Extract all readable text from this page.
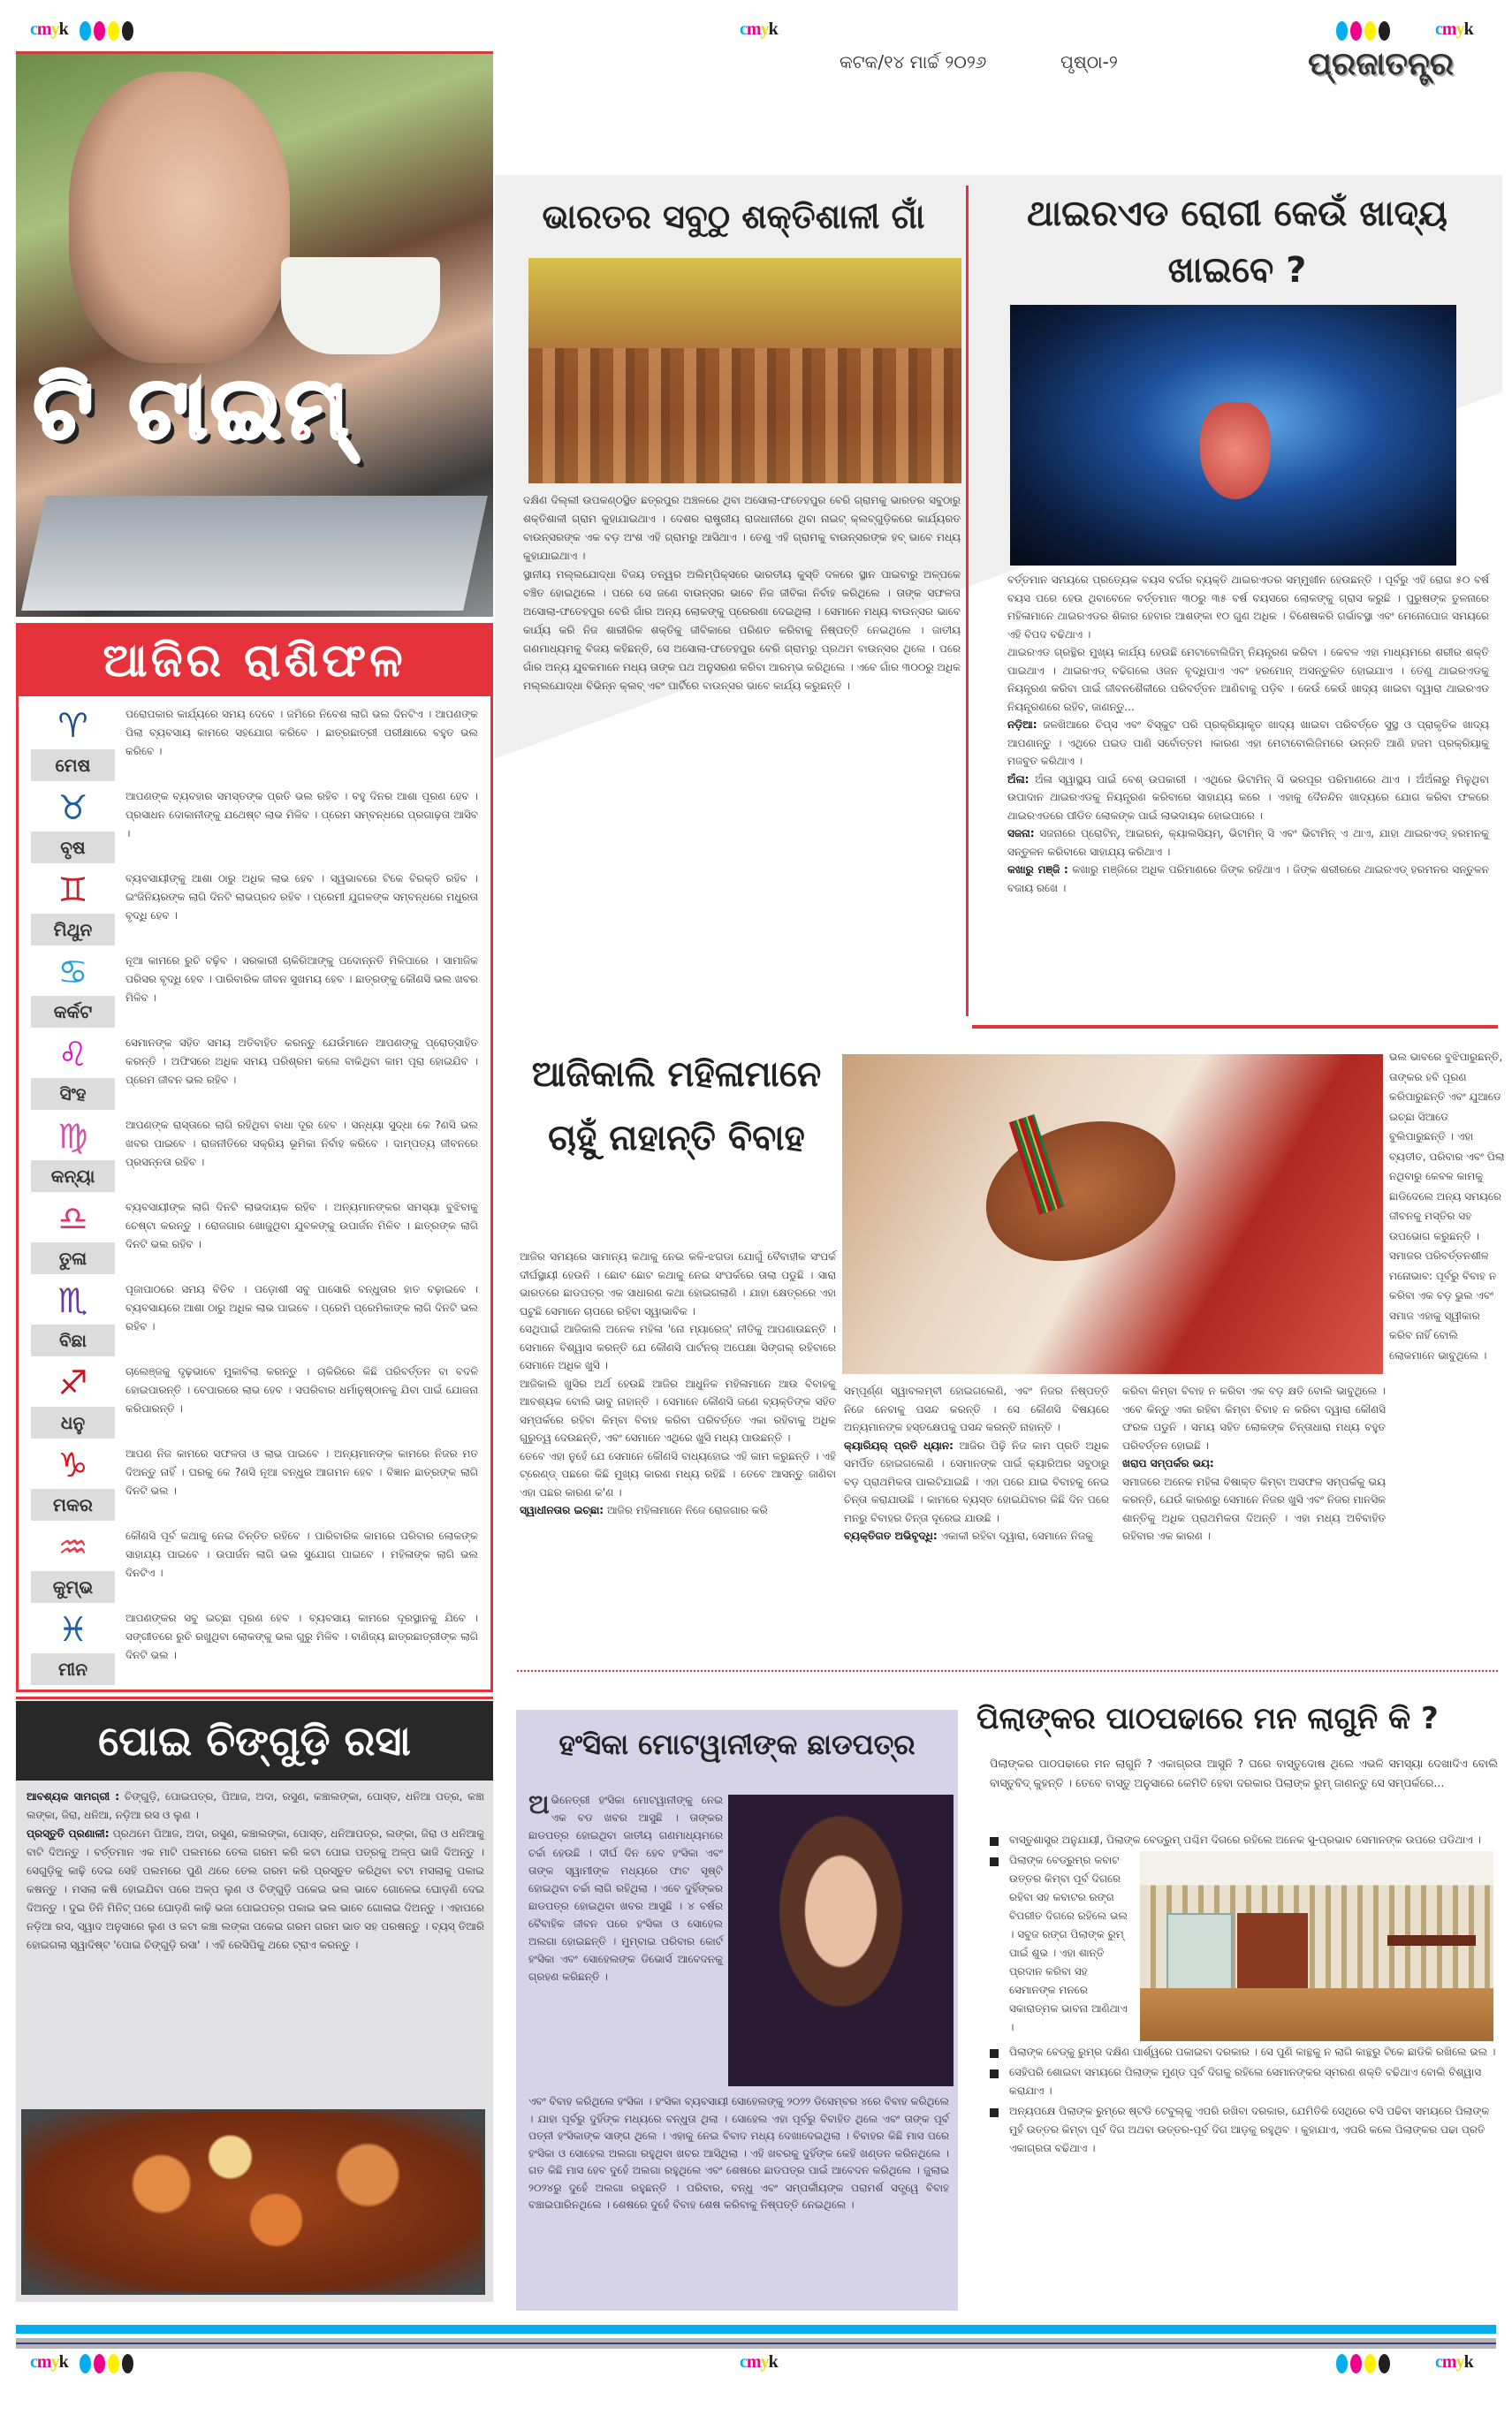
cmyk	cmyk	cmyk
କଟକ/୧୪ ମାର୍ଚ୍ଚ ୨୦୨୬	ପୃଷ୍ଠା-୨	ପ୍ରଜାତନ୍ତ୍ର
ଟି ଟାଇମ୍
ଆଜିର ରାଶିଫଳ
♈
ମେଷ
ପରୋପକାର କାର୍ଯ୍ୟରେ ସମୟ ଦେବେ । ଜମିରେ ନିବେଶ ଲାଗି ଭଲ ଦିନଟିଏ । ଆପଣଙ୍କ ପିଲା ବ୍ୟବସାୟ କାମରେ ସହଯୋଗ କରିବେ । ଛାତ୍ରଛାତ୍ରୀ ପରୀକ୍ଷାରେ ବହୁତ ଭଲ କରିବେ ।
♉
ବୃଷ
ଆପଣଙ୍କ ବ୍ୟବହାର ସମସ୍ତଙ୍କ ପ୍ରତି ଭଲ ରହିବ । ବହୁ ଦିନର ଆଶା ପୂରଣ ହେବ । ପ୍ରସାଧନ ଦୋକାନୀଙ୍କୁ ଯଥେଷ୍ଟ ଲାଭ ମିଳିବ । ପ୍ରେମ ସମ୍ବନ୍ଧରେ ପ୍ରଗାଢ଼ତା ଆସିବ ।
♊
ମିଥୁନ
ବ୍ୟବସାୟୀଙ୍କୁ ଆଶା ଠାରୁ ଅଧିକ ଲାଭ ହେବ । ସ୍ୱଭାବରେ ଟିକେ ବିରକ୍ତି ରହିବ । ଇଂଜିନିୟରଙ୍କ ଲାଗି ଦିନଟି ଲାଭପ୍ରଦ ରହିବ । ପ୍ରେମୀ ଯୁଗଳଙ୍କ ସମ୍ବନ୍ଧରେ ମଧୁରତା ବୃଦ୍ଧି ହେବ ।
♋
କର୍କଟ
ନୂଆ କାମରେ ରୁଚି ବଢ଼ିବ । ସରକାରୀ ଚାକିରିଆଙ୍କୁ ପଦୋନ୍ନତି ମିଳିପାରେ । ସାମାଜିକ ପରିସର ବୃଦ୍ଧି ହେବ । ପାରିବାରିକ ଜୀବନ ସୁଖମୟ ହେବ । ଛାତ୍ରଙ୍କୁ କୌଣସି ଭଲ ଖବର ମିଳିବ ।
♌
ସିଂହ
ସେମାନଙ୍କ ସହିତ ସମୟ ଅତିବାହିତ କରନ୍ତୁ ଯେଉଁମାନେ ଆପଣଙ୍କୁ ପ୍ରୋତ୍ସାହିତ କରନ୍ତି । ଅଫିସରେ ଅଧିକ ସମୟ ପରିଶ୍ରମ କଲେ ବାକିଥିବା କାମ ପୂରା ହୋଇଯିବ । ପ୍ରେମ ଜୀବନ ଭଲ ରହିବ ।
♍
କନ୍ୟା
ଆପଣଙ୍କ ରାସ୍ତାରେ ଲାଗି ରହିଥିବା ବାଧା ଦୂର ହେବ । ସନ୍ଧ୍ୟା ସୁଦ୍ଧା କେ ?ଣସି ଭଲ ଖବର ପାଇବେ । ରାଜନୀତିରେ ସକ୍ରିୟ ଭୂମିକା ନିର୍ବାହ କରିବେ । ଦାମ୍ପତ୍ୟ ଜୀବନରେ ପ୍ରସନ୍ନତା ରହିବ ।
♎
ତୁଳା
ବ୍ୟବସାୟୀଙ୍କ ଲାଗି ଦିନଟି ଲାଭଦାୟକ ରହିବ । ଅନ୍ୟମାନଙ୍କର ସମସ୍ୟା ବୁଝିବାକୁ ଚେଷ୍ଟା କରନ୍ତୁ । ରୋଜଗାର ଖୋଜୁଥିବା ଯୁବକଙ୍କୁ ଉପାର୍ଜନ ମିଳିବ । ଛାତ୍ରଙ୍କ ଲାଗି ଦିନଟି ଭଲ ରହିବ ।
♏
ବିଛା
ପୂଜାପାଠରେ ସମୟ ବିତିବ । ପଡ଼ୋଶୀ ସବୁ ପାସୋରି ବନ୍ଧୁତାର ହାତ ବଢ଼ାଇବେ । ବ୍ୟବସାୟରେ ଆଶା ଠାରୁ ଅଧିକ ଲାଭ ପାଇବେ । ପ୍ରେମି ପ୍ରେମିକାଙ୍କ ଲାଗି ଦିନଟି ଭଲ ରହିବ ।
♐
ଧନୁ
ଚାଲେଞ୍ଜକୁ ଦୃଢ଼ଭାବେ ମୁକାବିଲା କରନ୍ତୁ । ଚାକିରିରେ କିଛି ପରିବର୍ତ୍ତନ ବା ବଦଳି ହୋଇପାରନ୍ତି । ବେପାରରେ ଲାଭ ହେବ । ସପରିବାର ଧର୍ମାନୁଷ୍ଠାନକୁ ଯିବା ପାଇଁ ଯୋଜନା କରିପାରନ୍ତି ।
♑
ମକର
ଆପଣ ନିଜ କାମରେ ସଫଳତା ଓ ଲାଭ ପାଇବେ । ଅନ୍ୟମାନଙ୍କ କାମରେ ନିଜର ମତ ଦିଅନ୍ତୁ ନାହିଁ । ଘରକୁ କେ ?ଣସି ନୂଆ ବନ୍ଧୁର ଆଗମନ ହେବ । ବିଜ୍ଞାନ ଛାତ୍ରଙ୍କ ଲାଗି ଦିନଟି ଭଲ ।
♒
କୁମ୍ଭ
କୌଣସି ପୂର୍ବ କଥାକୁ ନେଇ ଚିନ୍ତିତ ରହିବେ । ପାରିବାରିକ କାମରେ ପରିବାର ଲୋକଙ୍କ ସାହାଯ୍ୟ ପାଇବେ । ଉପାର୍ଜନ ଲାଗି ଭଲ ସୁଯୋଗ ପାଇବେ । ମହିଳାଙ୍କ ଲାଗି ଭଲ ଦିନଟିଏ ।
♓
ମୀନ
ଆପଣଙ୍କର ସବୁ ଇଚ୍ଛା ପୂରଣ ହେବ । ବ୍ୟବସାୟ କାମରେ ଦୂରସ୍ଥାନକୁ ଯିବେ । ସଙ୍ଗୀତରେ ରୁଚି ରଖୁଥିବା ଲୋକଙ୍କୁ ଭଲ ଗୁରୁ ମିଳିବ । ବାଣିଜ୍ୟ ଛାତ୍ରଛାତ୍ରୀଙ୍କ ଲାଗି ଦିନଟି ଭଲ ।
ଭାରତର ସବୁଠୁ ଶକ୍ତିଶାଳୀ ଗାଁ

ଦକ୍ଷିଣ ଦିଲ୍ଲୀ ଉପକଣ୍ଠସ୍ଥିତ ଛତ୍ରପୁର ଅଞ୍ଚଳରେ ଥିବା ଅସୋଲା-ଫତେହପୁର ବେରି ଗ୍ରାମକୁ ଭାରତର ସବୁଠାରୁ ଶକ୍ତିଶାଳୀ ଗ୍ରାମ କୁହାଯାଇଥାଏ । ଦେଶର ରାଷ୍ଟ୍ରୀୟ ରାଜଧାନୀରେ ଥିବା ନାଇଟ୍ କ୍ଲବ୍ଗୁଡ଼ିକରେ କାର୍ଯ୍ୟରତ ବାଉନ୍ସରଙ୍କ ଏକ ବଡ଼ ଅଂଶ ଏହି ଗ୍ରାମରୁ ଆସିଥାଏ । ତେଣୁ ଏହି ଗ୍ରାମକୁ ବାଉନ୍ସରଙ୍କ ହବ୍ ଭାବେ ମଧ୍ୟ କୁହାଯାଇଥାଏ ।

ସ୍ଥାନୀୟ ମଲ୍ଲଯୋଦ୍ଧା ବିଜୟ ତନ୍ୱର ଅଲିମ୍ପିକ୍ସରେ ଭାରତୀୟ କୁସ୍ତି ଦଳରେ ସ୍ଥାନ ପାଇବାରୁ ଅଳ୍ପକେ ବଞ୍ଚିତ ହୋଇଥିଲେ । ପରେ ସେ ଜଣେ ବାଉନ୍ସର ଭାବେ ନିଜ ଜୀବିକା ନିର୍ବାହ କରିଥିଲେ । ତାଙ୍କ ସଫଳତା ଅସୋଲା-ଫତେହପୁର ବେରି ଗାଁର ଅନ୍ୟ ଲୋକଙ୍କୁ ପ୍ରେରଣା ଦେଇଥିଲା । ସେମାନେ ମଧ୍ୟ ବାଉନ୍ସର ଭାବେ କାର୍ଯ୍ୟ କରି ନିଜ ଶାରୀରିକ ଶକ୍ତିକୁ ଜୀବିକାରେ ପରିଣତ କରିବାକୁ ନିଷ୍ପତ୍ତି ନେଇଥିଲେ । ଜାତୀୟ ଗଣମାଧ୍ୟମକୁ ବିଜୟ କହିଛନ୍ତି, ସେ ଅସୋଲା-ଫତେହପୁର ବେରି ଗ୍ରାମରୁ ପ୍ରଥମ ବାଉନ୍ସର ଥିଲେ । ପରେ ଗାଁର ଅନ୍ୟ ଯୁବକମାନେ ମଧ୍ୟ ତାଙ୍କ ପଥ ଅନୁସରଣ କରିବା ଆରମ୍ଭ କରିଥିଲେ । ଏବେ ଗାଁର ୩୦୦ରୁ ଅଧିକ ମଲ୍ଲଯୋଦ୍ଧା ବିଭିନ୍ନ କ୍ଲବ୍ ଏବଂ ପାର୍ଟିରେ ବାଉନ୍ସର ଭାବେ କାର୍ଯ୍ୟ କରୁଛନ୍ତି ।

ଥାଇରଏଡ ରୋଗୀ କେଉଁ ଖାଦ୍ୟ ଖାଇବେ ?

ବର୍ତ୍ତମାନ ସମୟରେ ପ୍ରତ୍ୟେକ ବୟସ ବର୍ଗର ବ୍ୟକ୍ତି ଥାଇରଏଡର ସମ୍ମୁଖୀନ ହେଉଛନ୍ତି । ପୂର୍ବରୁ ଏହି ରୋଗ ୫୦ ବର୍ଷ ବୟସ ପରେ ହେଉ ଥିବାବେଳେ ବର୍ତ୍ତମାନ ୩୦ରୁ ୩୫ ବର୍ଷ ବୟସରେ ଲୋକଙ୍କୁ ଗ୍ରାସ କରୁଛି । ପୁରୁଷଙ୍କ ତୁଳନାରେ ମହିଳାମାନେ ଥାଇରଏଡର ଶିକାର ହେବାର ଆଶଙ୍କା ୧୦ ଗୁଣ ଅଧିକ । ବିଶେଷକରି ଗର୍ଭାବସ୍ଥା ଏବଂ ମେନୋପୋଜ ସମୟରେ ଏହି ବିପଦ ବଢିଥାଏ ।

ଥାଇରଏଡ ଗ୍ରନ୍ଥିର ମୁଖ୍ୟ କାର୍ଯ୍ୟ ହେଉଛି ମେଟାବୋଲିଜିମ୍ ନିୟନ୍ତ୍ରଣ କରିବା । କେବଳ ଏହା ମାଧ୍ୟମରେ ଶରୀର ଶକ୍ତି ପାଇଥାଏ । ଥାଇରଏଡ୍ ବଢିଗଲେ ଓଜନ ବୃଦ୍ଧିପାଏ ଏବଂ ହରମୋନ୍ ଅସନ୍ତୁଳିତ ହୋଇଯାଏ । ତେଣୁ ଥାଇରଏଡକୁ ନିୟନ୍ତ୍ରଣ କରିବା ପାଇଁ ଜୀବନଶୈଳୀରେ ପରିବର୍ତ୍ତନ ଆଣିବାକୁ ପଡ଼ିବ । କେଉଁ କେଉଁ ଖାଦ୍ୟ ଖାଇବା ଦ୍ୱାରା ଥାଇରଏଡ ନିୟନ୍ତ୍ରଣରେ ରହିବ, ଜାଣନ୍ତୁ...

ନଡ଼ିଆ: ଜଳଖିଆରେ ଚିପ୍ସ ଏବଂ ବିସ୍କୁଟ ପରି ପ୍ରକ୍ରିୟାକୃତ ଖାଦ୍ୟ ଖାଇବା ପରିବର୍ତ୍ତେ ସୁସ୍ଥ ଓ ପ୍ରାକୃତିକ ଖାଦ୍ୟ ଆପଣାନ୍ତୁ । ଏଥିରେ ପଇଡ ପାଣି ସର୍ବୋତ୍ତମ ।କାରଣ ଏହା ମେଟାବୋଲିଜିମରେ ଉନ୍ନତି ଆଣି ହଜମ ପ୍ରକ୍ରିୟାକୁ ମଜବୁତ କରିଥାଏ ।

ଅଁଳା: ଅଁଳା ସ୍ୱାସ୍ଥ୍ୟ ପାଇଁ ବେଶ୍ ଉପକାରୀ । ଏଥିରେ ଭିଟାମିନ୍ ସି ଭରପୂର ପରିମାଣରେ ଥାଏ । ଅଁଅଁଳାରୁ ମିଳୁଥିବା ଉପାଦାନ ଥାଇରଏଡକୁ ନିୟନ୍ତ୍ରଣ କରିବାରେ ସାହାଯ୍ୟ କରେ । ଏହାକୁ ଦୈନନ୍ଦିନ ଖାଦ୍ୟରେ ଯୋଗ କରିବା ଫଳରେ ଥାଇରଏଡରେ ପୀଡିତ ଲୋକଙ୍କ ପାଇଁ ଲାଭଦାୟକ ହୋଇପାରେ ।

ସଜନା: ସଜନାରେ ପ୍ରୋଟିନ୍, ଆଇରନ୍, କ୍ୟାଲସିୟମ୍, ଭିଟାମିନ୍ ସି ଏବଂ ଭିଟାମିନ୍ ଏ ଥାଏ, ଯାହା ଥାଇରଏଡ୍ ହରମନକୁ ସନ୍ତୁଳନ କରିବାରେ ସାହାଯ୍ୟ କରିଥାଏ ।

କଖାରୁ ମଞ୍ଜି : କଖାରୁ ମଞ୍ଜିରେ ଅଧିକ ପରିମାଣରେ ଜିଙ୍କ ରହିଥାଏ । ଜିଙ୍କ ଶରୀରରେ ଥାଇରଏଡ୍ ହରମନର ସନ୍ତୁଳନ ବଜାୟ ରଖେ ।

ଆଜିକାଲି ମହିଳାମାନେ ଚାହୁଁ ନାହାନ୍ତି ବିବାହ
ଭଲ ଭାବରେ ବୁଝିପାରୁଛନ୍ତି, ତାଙ୍କର ହବି ପୂରଣ କରିପାରୁଛନ୍ତି ଏବଂ ଯୁଆଡେ ଇଚ୍ଛା ସିଆଡେ ବୁଲିପାରୁଛନ୍ତି । ଏହା ବ୍ୟତୀତ, ପରିବାର ଏବଂ ପିଲା ନଥିବାରୁ କେବଳ କାମକୁ ଛାଡିଦେଲେ ଅନ୍ୟ ସମୟରେ ଜୀବନକୁ ମସ୍ତିର ସହ ଉପଭୋଗ କରୁଛନ୍ତି । ସମାଜର ପରିବର୍ତ୍ତନଶୀଳ ମନୋଭାବ: ପୂର୍ବରୁ ବିବାହ ନ କରିବା ଏକ ବଡ଼ ଭୁଲ ଏବଂ ସମାଜ ଏହାକୁ ସ୍ୱୀକାର କରିବ ନାହିଁ ବୋଲି ଲୋକମାନେ ଭାବୁଥିଲେ ।

ଆଜିର ସମୟରେ ସାମାନ୍ୟ କଥାକୁ ନେଇ କଳି-ଝଗଡା ଯୋଗୁଁ ବୈବାହୀକ ସଂପର୍କ ଦୀର୍ଘସ୍ଥାୟୀ ହେଉନି । ଛୋଟ ଛୋଟ କଥାକୁ ନେଇ ସଂପର୍କରେ ତାଲା ପଡୁଛି । ସାରା ଭାରତରେ ଛାଡପତ୍ର ଏକ ସାଧାରଣ କଥା ହୋଇଗଲାଣି । ଯାହା କ୍ଷେତ୍ରରେ ଏହା ଘଟୁଛି ସେମାନେ ଚାପରେ ରହିବା ସ୍ୱାଭାବିକ ।

ସେଥିପାଇଁ ଆଜିକାଲି ଅନେକ ମହିଳା 'ନୋ ମ୍ୟାରେଜ୍' ନୀତିକୁ ଆପଣାଉଛନ୍ତି । ସେମାନେ ବିଶ୍ୱାସ କରନ୍ତି ଯେ କୌଣସି ପାର୍ଟନର୍ ଅପେକ୍ଷା ସିଙ୍ଗଲ୍ ରହିବାରେ ସେମାନେ ଅଧିକ ଖୁସି ।

ଆଜିକାଲି ଖୁସିର ଅର୍ଥ ହେଉଛି ଆଜିର ଆଧୁନିକ ମହିଳାମାନେ ଆଉ ବିବାହକୁ ଆବଶ୍ୟକ ବୋଲି ଭାବୁ ନାହାନ୍ତି । ସେମାନେ କୌଣସି ଜଣେ ବ୍ୟକ୍ତିଙ୍କ ସହିତ ସମ୍ପର୍କରେ ରହିବା କିମ୍ବା ବିବାହ କରିବା ପରିବର୍ତ୍ତେ ଏକା ରହିବାକୁ ଅଧିକ ଗୁରୁତ୍ୱ ଦେଉଛନ୍ତି, ଏବଂ ସେମାନେ ଏଥିରେ ଖୁସି ମଧ୍ୟ ପାଉଛନ୍ତି ।

ତେବେ ଏହା ନୁହେଁ ଯେ ସେମାନେ କୌଣସି ବାଧ୍ୟହୋଇ ଏହି କାମ କରୁଛନ୍ତି । ଏହି ଟ୍ରେଣ୍ଡ୍ ପଛରେ କିଛି ମୁଖ୍ୟ କାରଣ ମଧ୍ୟ ରହିଛି । ତେବେ ଆସନ୍ତୁ ଜାଣିବା ଏହା ପଛର କାରଣ କ'ଣ ।

ସ୍ୱାଧୀନତାର ଇଚ୍ଛା: ଆଜିର ମହିଳାମାନେ ନିଜେ ରୋଜଗାର କରି

ସମ୍ପୂର୍ଣ୍ଣ ସ୍ୱାବଲମ୍ବୀ ହୋଇଗଲେଣି, ଏବଂ ନିଜର ନିଷ୍ପତ୍ତି ନିଜେ ନେବାକୁ ପସନ୍ଦ କରନ୍ତି । ସେ କୌଣସି ବିଷୟରେ ଅନ୍ୟମାନଙ୍କ ହସ୍ତକ୍ଷେପକୁ ପସନ୍ଦ କରନ୍ତି ନାହାନ୍ତି ।

କ୍ୟାରିୟର୍ ପ୍ରତି ଧ୍ୟାନ: ଆଜିର ପିଢ଼ି ନିଜ କାମ ପ୍ରତି ଅଧିକ ସମର୍ପିତ ହୋଇଗଲେଣି । ସେମାନଙ୍କ ପାଇଁ କ୍ୟାରିଅର ସବୁଠାରୁ ବଡ଼ ପ୍ରାଥମିକତା ପାଲଟିଯାଇଛି । ଏହା ପରେ ଯାଇ ବିବାହକୁ ନେଇ ଚିନ୍ତା କରାଯାଉଛି । କାମରେ ବ୍ୟସ୍ତ ହୋଇଯିବାର କିଛି ଦିନ ପରେ ମନରୁ ବିବାହର ଚିନ୍ତା ଦୂରେଇ ଯାଉଛି ।

ବ୍ୟକ୍ତିଗତ ଅଭିବୃଦ୍ଧି: ଏକାକୀ ରହିବା ଦ୍ୱାରା, ସେମାନେ ନିଜକୁ

କରିବା କିମ୍ବା ବିବାହ ନ କରିବା ଏକ ବଡ଼ କ୍ଷତି ବୋଲି ଭାବୁଥିଲେ । ଏବେ କିନ୍ତୁ ଏକା ରହିବା କିମ୍ବା ବିବାହ ନ କରିବା ଦ୍ୱାରା କୌଣସି ଫରକ ପଡୁନି । ସମୟ ସହିତ ଲୋକଙ୍କ ଚିନ୍ତାଧାରା ମଧ୍ୟ ବହୁତ ପରିବର୍ତ୍ତନ ହୋଇଛି ।

ଖରାପ ସମ୍ପର୍କର ଭୟ:

ସମାଜରେ ଅନେକ ମହିଳା ବିଷାକ୍ତ କିମ୍ବା ଅସଫଳ ସମ୍ପର୍କକୁ ଭୟ କରନ୍ତି, ଯେଉଁ କାରଣରୁ ସେମାନେ ନିଜର ଖୁସି ଏବଂ ନିଜର ମାନସିକ ଶାନ୍ତିକୁ ଅଧିକ ପ୍ରାଥମିକତା ଦିଅନ୍ତି । ଏହା ମଧ୍ୟ ଅବିବାହିତ ରହିବାର ଏକ କାରଣ ।

ପୋଇ ଚିଙ୍ଗୁଡ଼ି ରସା

ଆବଶ୍ୟକ ସାମଗ୍ରୀ : ଚିଙ୍ଗୁଡ଼ି, ପୋଇପତ୍ର, ପିଆଜ, ଅଦା, ରସୁଣ, କଞ୍ଚାଲଙ୍କା, ପୋସ୍ତ, ଧନିଆ ପତ୍ର, କଞ୍ଚା ଲଙ୍କା, ଜିରା, ଧନିଆ, ନଡ଼ିଆ ରସ ଓ ଲୁଣ ।

ପ୍ରସ୍ତୁତି ପ୍ରଣାଳୀ: ପ୍ରଥମେ ପିଆଜ, ଅଦା, ରସୁଣ, କଞ୍ଚାଲଙ୍କା, ପୋସ୍ତ, ଧନିଆପତ୍ର, ଲଙ୍କା, ଜିରା ଓ ଧନିଆକୁ ବାଟି ଦିଅନ୍ତୁ । ବର୍ତ୍ତମାନ ଏକ ମାଟି ପଲମରେ ତେଲ ଗରମ କରି କଟା ପୋଇ ପତ୍ରକୁ ଅଳ୍ପ ଭାଜି ଦିଅନ୍ତୁ । ସେଗୁଡ଼ିକୁ କାଢ଼ି ଦେଇ ସେହି ପଲମରେ ପୁଣି ଥରେ ତେଲ ଗରମ କରି ପ୍ରସ୍ତୁତ କରିଥିବା ବଟା ମସଲାକୁ ପକାଇ କଷନ୍ତୁ । ମସଲା କଷି ହୋଇଯିବା ପରେ ଅଳ୍ପ ଲୁଣ ଓ ଚିଙ୍ଗୁଡ଼ି ପକେଇ ଭଲ ଭାବେ ଗୋଳେଇ ଘୋଡ଼ଣି ଦେଇ ଦିଅନ୍ତୁ । ଦୁଇ ତିନି ମିନିଟ୍ ପରେ ଘୋଡ଼ଣି କାଢ଼ି ଭଜା ପୋଇପତ୍ର ପକାଇ ଭଲ ଭାବେ ଗୋଳାଇ ଦିଅନ୍ତୁ । ଏହାପରେ ନଡ଼ିଆ ରସ, ସ୍ୱାଦ ଅନୁସାରେ ଲୁଣ ଓ କଟା କଞ୍ଚା ଲଙ୍କା ପକେଇ ଗରମ ଗରମ ଭାତ ସହ ପରଷନ୍ତୁ । ବ୍ୟସ୍ ତିଆରି ହୋଇଗଲା ସ୍ୱାଦିଷ୍ଟ 'ପୋଇ ଚିଙ୍ଗୁଡ଼ି ରସା' । ଏହି ରେସିପିକୁ ଥରେ ଟ୍ରାଏ କରନ୍ତୁ ।

ହଂସିକା ମୋଟୱାନୀଙ୍କ ଛାଡପତ୍ର
ଅଭିନେତ୍ରୀ ହଂସିକା ମୋଟୱାନୀଙ୍କୁ ନେଇ ଏକ ବଡ ଖବର ଆସୁଛି । ତାଙ୍କର ଛାଡପତ୍ର ହୋଇଥିବା ଜାତୀୟ ଗଣମାଧ୍ୟମରେ ଚର୍ଚ୍ଚା ହେଉଛି । ଦୀର୍ଘ ଦିନ ହେବ ହଂସିକା ଏବଂ ତାଙ୍କ ସ୍ୱାମୀଙ୍କ ମଧ୍ୟରେ ଫାଟ ସୃଷ୍ଟି ହୋଇଥିବା ଚର୍ଚ୍ଚା ଲାଗି ରହିଥିଲା । ଏବେ ଦୁହିଁଙ୍କର ଛାଡପତ୍ର ହୋଇଥିବା ଖବର ଆସୁଛି । ୪ ବର୍ଷର ବୈବାହିକ ଜୀବନ ପରେ ହଂସିକା ଓ ସୋହେଲ ଅଲଗା ହୋଇଛନ୍ତି । ମୁମ୍ବାଇ ପରିବାର କୋର୍ଟ ହଂସିକା ଏବଂ ସୋହେଲଙ୍କ ଡିଭୋର୍ସ ଆବେଦନକୁ ଗ୍ରହଣ କରିଛନ୍ତି ।
ଏବଂ ବିବାହ କରିଥିଲେ ହଂସିକା । ହଂସିକା ବ୍ୟବସାୟୀ ସୋହେଲଙ୍କୁ ୨୦୨୨ ଡିସେମ୍ବର ୪ରେ ବିବାହ କରିଥିଲେ । ଯାହା ପୂର୍ବରୁ ଦୁହିଁଙ୍କ ମଧ୍ୟରେ ବନ୍ଧୁତା ଥିଲା । ସୋହେଲ ଏହା ପୂର୍ବରୁ ବିବାହିତ ଥିଲେ ଏବଂ ତାଙ୍କ ପୂର୍ବ ପତ୍ନୀ ହଂସିକାଙ୍କ ସାଙ୍ଗ ଥିଲେ । ଏହାକୁ ନେଇ ବିବାଦ ମଧ୍ୟ ଦେଖାଦେଇଥିଲା । ବିବାହର କିଛି ମାସ ପରେ ହଂସିକା ଓ ସୋହେଲ ଅଲଗା ରହୁଥିବା ଖବର ଆସିଥିଲା । ଏହି ଖବରକୁ ଦୁହିଁଙ୍କ କେହି ଖଣ୍ଡନ କରିନଥିଲେ । ଗତ କିଛି ମାସ ହେବ ଦୁହେଁ ଅଲଗା ରହୁଥିଲେ ଏବଂ ଶେଷରେ ଛାଡପତ୍ର ପାଇଁ ଆବେଦନ କରିଥିଲେ । ଜୁଲାଇ ୨୦୨୪ରୁ ଦୁହେଁ ଅଲଗା ରହୁଛନ୍ତି । ପରିବାର, ବନ୍ଧୁ ଏବଂ ସମ୍ପର୍କୀୟଙ୍କ ପରାମର୍ଶ ସତ୍ତ୍ୱେ ବିବାହ ବଞ୍ଚାଇପାରିନଥିଲେ । ଶେଷରେ ଦୁହେଁ ବିବାହ ଶେଷ କରିବାକୁ ନିଷ୍ପତ୍ତି ନେଇଥିଲେ ।
ପିଲାଙ୍କର ପାଠପଢାରେ ମନ ଲାଗୁନି କି ?
ପିଲାଙ୍କର ପାଠପଢାରେ ମନ ଲାଗୁନି ? ଏକାଗ୍ରତା ଆସୁନି ? ଘରେ ବାସ୍ତୁଦୋଷ ଥିଲେ ଏଭଳି ସମସ୍ୟା ଦେଖାଦିଏ ବୋଲି ବାସ୍ତୁବିଦ୍ କୁହନ୍ତି । ତେବେ ବାସ୍ତୁ ଅନୁସାରେ କେମିତି ହେବା ଦରକାର ପିଲାଙ୍କ ରୁମ୍ ଜାଣନ୍ତୁ ସେ ସମ୍ପର୍କରେ...
ବାସ୍ତୁଶାସ୍ତ୍ର ଅନୁଯାୟୀ, ପିଲାଙ୍କ ବେଡ୍ରୁମ୍ ପଶ୍ଚିମ ଦିଗରେ ରହିଲେ ଅନେକ ସୁ-ପ୍ରଭାବ ସେମାନଙ୍କ ଉପରେ ପଡିଥାଏ ।
ପିଲାଙ୍କ ବେଡ୍ରୁମ୍ର କବାଟ ଉତ୍ତର କିମ୍ବା ପୂର୍ବ ଦିଗରେ ରହିବା ସହ କବାଟର ରଙ୍ଗ ବିପରୀତ ଦିଗରେ ରହିଲେ ଭଲ । ସବୁଜ ରଙ୍ଗ ପିଲାଙ୍କ ରୁମ୍ ପାଇଁ ଶୁଭ । ଏହା ଶାନ୍ତି ପ୍ରଦାନ କରିବା ସହ ସେମାନଙ୍କ ମନରେ ସକାରାତ୍ମକ ଭାବନା ଆଣିଥାଏ ।
ପିଲାଙ୍କ ବେଡ୍କୁ ରୁମ୍ର ଦକ୍ଷିଣ ପାର୍ଶ୍ୱରେ ପକାଇବା ଦରକାର । ସେ ପୁଣି କାନ୍ଥକୁ ନ ଲାଗି କାନ୍ଥରୁ ଟିକେ ଛାଡିକି ରଖିଲେ ଭଲ ।
ସେହିପରି ଶୋଇବା ସମୟରେ ପିଲାଙ୍କ ମୁଣ୍ଡ ପୂର୍ବ ଦିଗକୁ ରହିଲେ ସେମାନଙ୍କର ସ୍ମରଣ ଶକ୍ତି ବଢିଥାଏ ବୋଲି ବିଶ୍ୱାସ କରାଯାଏ ।
ଅନ୍ୟପକ୍ଷେ ପିଲାଙ୍କ ରୁମ୍ରେ ଷ୍ଟଡି ଟେବୁଲ୍କୁ ଏପରି ରଖିବା ଦରକାର, ଯେମିତିକି ସେଥିରେ ବସି ପଢିବା ସମୟରେ ପିଲାଙ୍କ ମୁହଁ ଉତ୍ତର କିମ୍ବା ପୂର୍ବ ଦିଗ ଅଥବା ଉତ୍ତର-ପୂର୍ବ ଦିଗ ଆଡ଼କୁ ରହୁଥିବ । କୁହାଯାଏ, ଏପରି କଲେ ପିଲାଙ୍କର ପଢା ପ୍ରତି ଏକାଗ୍ରତା ବଢିଥାଏ ।
cmyk	cmyk	cmyk
